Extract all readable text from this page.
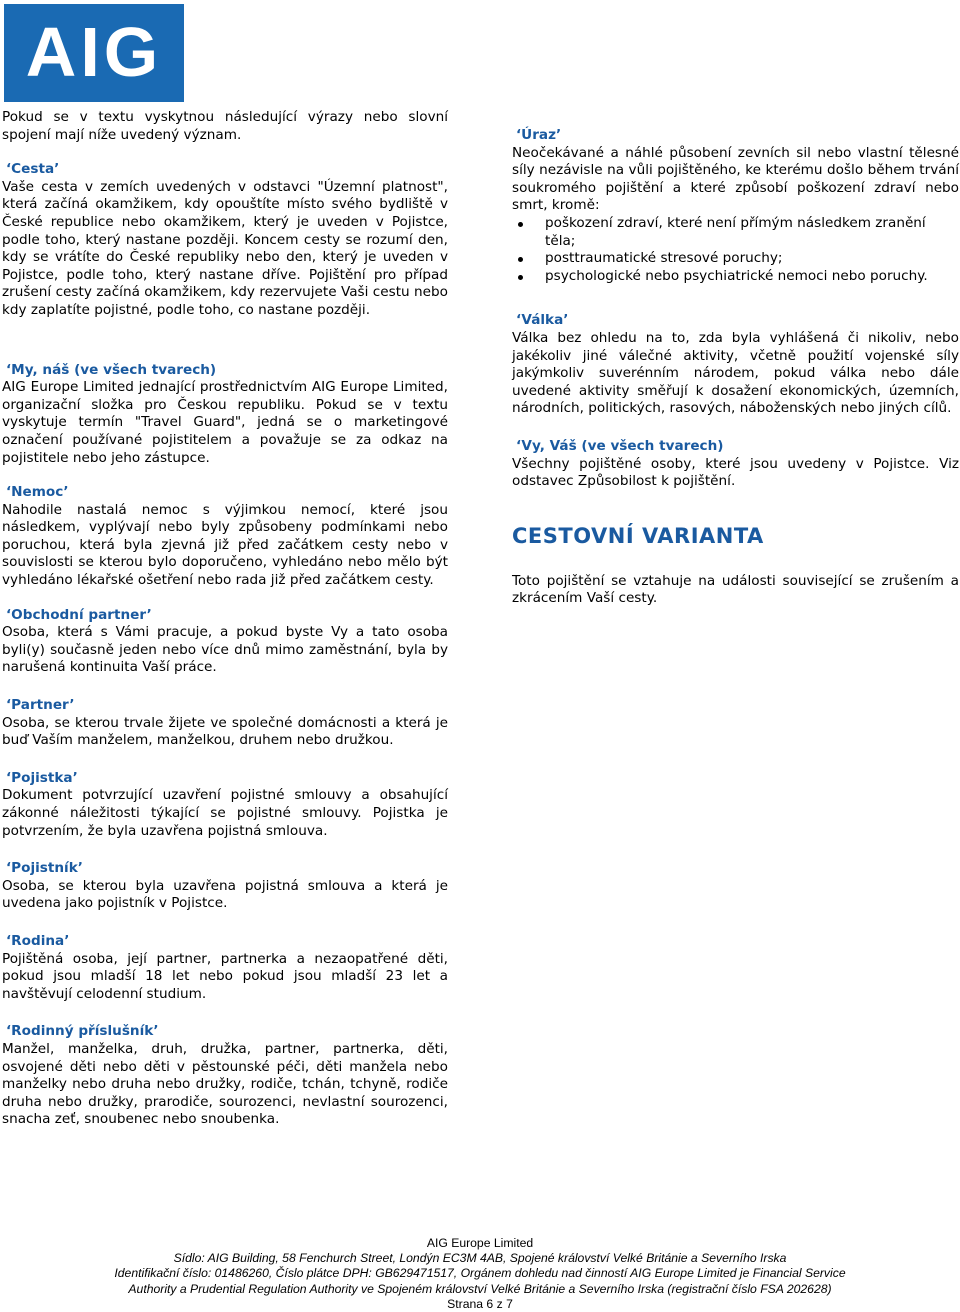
AIG

Pokud se v textu vyskytnou následující výrazy nebo slovní spojení mají níže uvedený význam.

‘Cesta’

Vaše cesta v zemích uvedených v odstavci "Územní platnost", která začíná okamžikem, kdy opouštíte místo svého bydliště v České republice nebo okamžikem, který je uveden v Pojistce, podle toho, který nastane později. Koncem cesty se rozumí den, kdy se vrátíte do České republiky nebo den, který je uveden v Pojistce, podle toho, který nastane dříve. Pojištění pro případ zrušení cesty začíná okamžikem, kdy rezervujete Vaši cestu nebo kdy zaplatíte pojistné, podle toho, co nastane později.

‘My, náš (ve všech tvarech)

AIG Europe Limited jednající prostřednictvím AIG Europe Limited, organizační složka pro Českou republiku. Pokud se v textu vyskytuje termín "Travel Guard", jedná se o marketingové označení používané pojistitelem a považuje se za odkaz na pojistitele nebo jeho zástupce.

‘Nemoc’

Nahodile nastalá nemoc s výjimkou nemocí, které jsou následkem, vyplývají nebo byly způsobeny podmínkami nebo poruchou, která byla zjevná již před začátkem cesty nebo v souvislosti se kterou bylo doporučeno, vyhledáno nebo mělo být vyhledáno lékařské ošetření nebo rada již před začátkem cesty.

‘Obchodní partner’

Osoba, která s Vámi pracuje, a pokud byste Vy a tato osoba byli(y) současně jeden nebo více dnů mimo zaměstnání, byla by narušená kontinuita Vaší práce.

‘Partner’

Osoba, se kterou trvale žijete ve společné domácnosti a která je buď Vaším manželem, manželkou, druhem nebo družkou.

‘Pojistka’

Dokument potvrzující uzavření pojistné smlouvy a obsahující zákonné náležitosti týkající se pojistné smlouvy. Pojistka je potvrzením, že byla uzavřena pojistná smlouva.

‘Pojistník’

Osoba, se kterou byla uzavřena pojistná smlouva a která je uvedena jako pojistník v Pojistce.

‘Rodina’

Pojištěná osoba, její partner, partnerka a nezaopatřené děti, pokud jsou mladší 18 let nebo pokud jsou mladší 23 let a navštěvují celodenní studium.

‘Rodinný příslušník’

Manžel, manželka, druh, družka, partner, partnerka, děti, osvojené děti nebo děti v pěstounské péči, děti manžela nebo manželky nebo druha nebo družky, rodiče, tchán, tchyně, rodiče druha nebo družky, prarodiče, sourozenci, nevlastní sourozenci, snacha zeť, snoubenec nebo snoubenka.

‘Úraz’

Neočekávané a náhlé působení zevních sil nebo vlastní tělesné síly nezávisle na vůli pojištěného, ke kterému došlo během trvání soukromého pojištění a které způsobí poškození zdraví nebo smrt, kromě:

poškození zdraví, které není přímým následkem zranění těla;
posttraumatické stresové poruchy;
psychologické nebo psychiatrické nemoci nebo poruchy.

‘Válka’

Válka bez ohledu na to, zda byla vyhlášená či nikoliv, nebo jakékoliv jiné válečné aktivity, včetně použití vojenské síly jakýmkoliv suverénním národem, pokud válka nebo dále uvedené aktivity směřují k dosažení ekonomických, územních, národních, politických, rasových, náboženských nebo jiných cílů.

‘Vy, Váš (ve všech tvarech)

Všechny pojištěné osoby, které jsou uvedeny v Pojistce. Viz odstavec Způsobilost k pojištění.

CESTOVNÍ VARIANTA

Toto pojištění se vztahuje na události související se zrušením a zkrácením Vaší cesty.

AIG Europe Limited
Sídlo: AIG Building, 58 Fenchurch Street, Londýn EC3M 4AB, Spojené království Velké Británie a Severního Irska
Identifikační číslo: 01486260, Číslo plátce DPH: GB629471517, Orgánem dohledu nad činností AIG Europe Limited je Financial Service
Authority a Prudential Regulation Authority ve Spojeném království Velké Británie a Severního Irska (registrační číslo FSA 202628)
Strana 6 z 7
